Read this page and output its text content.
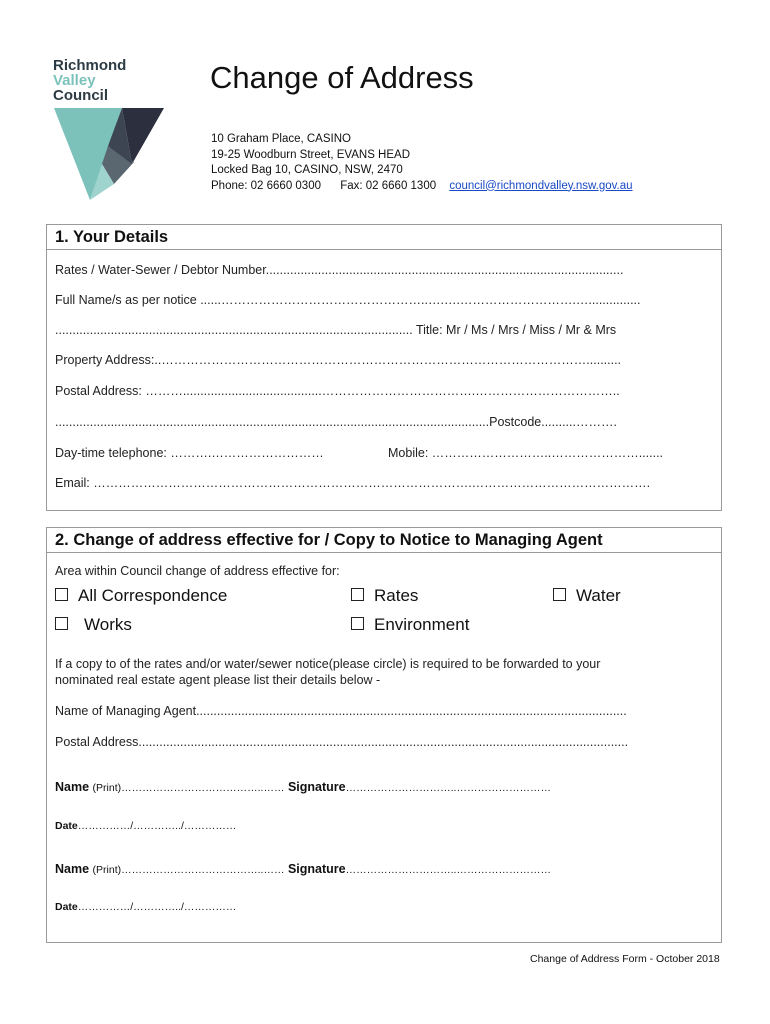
Richmond
Valley
Council
Change of Address
10 Graham Place, CASINO
19-25 Woodburn Street, EVANS HEAD
Locked Bag 10, CASINO, NSW, 2470
Phone: 02 6660 0300 Fax: 02 6660 1300 council@richmondvalley.nsw.gov.au
1. Your Details
Rates / Water-Sewer / Debtor Number.......................................................................................................
Full Name/s as per notice ......…………………………………………..….….……………………….…...............
....................................................................................................... Title: Mr / Ms / Mrs / Miss / Mr & Mrs
Property Address:..…………………………………………………………………………………………..........
Postal Address: ………........................................……………………………….……………………………..
.............................................................................................................................Postcode..........……….
Day-time telephone: ……….………………………	Mobile: ………………………..………………….......
Email: ……………………………………………………………………………….…………………………………….
2. Change of address effective for / Copy to Notice to Managing Agent
Area within Council change of address effective for:
All Correspondence	Rates	Water
Works	Environment
If a copy to of the rates and/or water/sewer notice(please circle) is required to be forwarded to your
nominated real estate agent please list their details below -
Name of Managing Agent............................................................................................................................
Postal Address.............................................................................................................................................
Name (Print)…………………………………..…… Signature…………………………..………………………
Date……………/…………../……………
Name (Print)…………………………………..…… Signature…………………………..………………………
Date……………/…………../……………
Change of Address Form - October 2018
